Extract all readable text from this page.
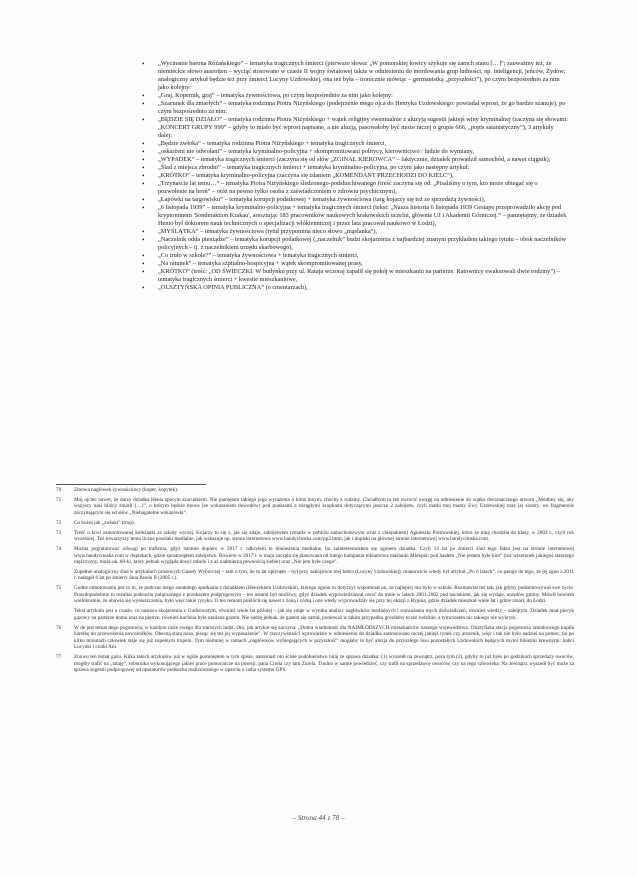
• „Wycinanie barona Różańskiego” – tematyka tragicznych śmierci (pierwsze słowa: „W pomorskiej łowicy szykuje się zamch stanu […]”; zauważmy też, że niemieckie słowo ausrotten – wyciąć stosowano w czasie II wojny światowej także w odniesieniu do mordowania grup ludności, np. inteligencji, jeńców, Żydów; analogiczny artykuł będzie też przy śmierci Lucyny Uzdowskiej, ona też była – ironicznie mówiąc – germanistką „przyszłości”), po czym bezpośrednio za nim jako kolejny:

• „Graj, Kopernik, graj” – tematyka żywnościowa, po czym bezpośrednio za nim jako kolejny:

• „Szacunek dla zmarłych” – tematyka rodzinna Piotra Niżyńskiego (podejrzenie mego ojca do Henryka Uzdowskiego: powiadał wprost, że go bardzo szanuje), po czym bezpośrednio za nim:

• „BĘDZIE SIĘ DZIAŁO” – tematyka rodzinna Piotra Niżyńskiego + wątek religijny ewentualnie z aluzyją sugestii jakiejś winy kryminalnej (zaczyna się słowami: „KONCERT GRUPY 999” – gdyby to miało być wprost napisane, a nie aluzją, pasowałoby być może raczej o grupie 666, „popis satanistyczny”), 3 artykuły dalej:

• „Będzie zwłoka” – tematyka rodzinna Piotra Niżyńskiego + tematyka tragicznych śmierci,

• „oskarżeni nie odwołani” – tematyka kryminalno-policyjna + skompromitowani politycy, kierownictwo / ludzie do wymiany,

• „WYPADEK” – tematyka tragicznych śmierci (zaczyna się od słów „ZGINAŁ KIEROWCA” – faktycznie, dziadek prowadził samochód, a nawet ciągnik),

• „Ślad z miejsca zbrodni” – tematyka tragicznych śmierci + tematyka kryminalno-policyjna, po czym jako następny artykuł:

• „KRÓTKO” – tematyka kryminalno-policyjna (zaczyna się zdaniem „KOMENDANT PRZECHODZI DO KIELC”),

• „Trzynaście lat temu…” – tematyka Piotra Niżyńskiego śledzonego-podshuchiwanego (treść zaczyna się od: „Pisaliśmy o tym, kto może ubiegać się o pozwolenie na broń” – otóż na pewno tylko osoba z zaświadczeniem o zdrowiu psychicznym),

• „Łapówki na targowisku” – tematyka korupcji podatkowej + tematyka żywnościowa (targ kojarzy się też ze sprzedażą żywności),

• „6 listopada 1939” – tematyka kryminalno-policyjna + tematyka tragicznych śmierci (tekst: „Nasza historia 6 listopada 1939 Gestapo przeprowadziło akcję pod kryptonimem 'Sonderaktion Krakau', aresztując 183 pracowników naukowych krakowskich uczelni, głównie UJ i Akademii Górniczej.” – pamiętajmy, że dziadek Henio był doktorem nauk technicznych o specjalizacji włókienniczej i przez lata pracował naukowo w Łodzi),

• „MYŚLĄTKA” – tematyka żywnościowa (tytuł przypomina nieco słowo „mąslanka”),

• „Naczelnik odda pieniądze” – tematyka korupcji podatkowej („naczelnik” budzi skojarzenia z najbardziej znanym przykładem takiego tytułu – obok naczelników policyjnych – tj. z naczelnikiem urzędu skarbowego),

• „Co truło w szkole?” – tematyka żywnościowa + tematyka tragicznych śmierci,

• „Na ratunek” – tematyka szpitalno-hospicyjna + wątek skompromitowanej prasy,

• „KRÓTKO” (treść: „OD ŚWIECZKI. W budynku przy ul. Rataja wczoraj zapalił się pokój w mieszkaniu na parterze. Ratownicy ewakuowali dwie rodziny”) – tematyka tragicznych śmierci + kwestie mieszkaniowe,

• „OLSZTYŃSKA OPINIA PUBLICZNA” (o cmentarzach),

70	Zmowa nagłówek żywnościowy (koper, kopytek).
71	Mój ojciec nawet, że darzy dziadka Henia sporym szacunkiem. Nie pamiętam takiego jego wyrażenia o kimś innym, chocby z rodziny. Chciałbym tu też zwrócić uwagę na odniesienie do wątku dwoznacznego utworu „Módlmy się, aby wszyscy nasi bliźcy zmarli (…)”, o którym będzie mowa (ze wskazaniem dowodów) pod punktami z okrągłymi kropkami dotyczącymi jeszcze 2 zabójstw, czyli matki mej mamy Ewy Uzdowskiej oraz jej siostry, we fragmencie zaczynającym się od słów „Niebagatelne wskazówki”.
72	Co bożni jak „zwłoki” (trup).
73	Treść o krwi zamordowanej koleżanki ze szkoły wyrzej. Kojarzy to się z, jak się zdaje, zabójstwem (zmarła w pobliżu samochodowym wraz z chłopakiem) Agnieszki Piotrowskiej, która ze mną chodziła do klasy, w 2003 r., czyli rok wcześniej. Też towarzyszy temu liczne poszlaki medialne, jak wskazuje np. strona internetowa www.bandycituska.com/pp2.html, jak i dopiski na głównej stronie internetowej www.bandycituska.com.
74	Można pogratulować odwagi po trafienia, gdyż istotnie dopiero w 2017 r. odkryłem te doniesienia medialne, bo zainteresowałem się zgonem dziadka. Czyli 13 lat po śmierci ślad tego faktu jest na stronie internetowej www.bandycituska.com w dopiskach, gdzie spostrzegłem zabójstwo. Bowiem w 2017 r. w maju zaczęła się planowana od lutego kampania reklamowa maślanki Mlekpol: pod hasłem „Nie jestem byłe kim” (tuż wizerunek jakiegoś starszego mężczyzny, może ok. 60-ki, który jednak wygląda dosyć młodo i z aż nadmierną pewnością siebie) oraz „Nie jem byłe czego”.
Zupełnie analogiczny ślad w artykułach prasowych Gazety Wyborczej – tam o tym, ile to lat upłynęło – był przy zabójstwie mej babci (Lucyny Uzdowskiej), mianowicie wtedy był artykuł „Po 6 latach”, co pasuje do tego, że jej zgon z 2011 r. nastąpił 6 lat po śmierci Jana Pawła II (2005 r.).
75	Godne odnotowania jest to tu, że podczas mego ostatniego spotkania z dziadkiem (Henrykiem Uzdowskim, którego zgonu to dotyczy) wspominał on, że najlepiej mu było w szkole. Rozmawiał też tak, jak gdyby podsumowywał swe życie. Prawdopodobnie to rezultat podsuchu połączonego z przekazem podprogowym – ten ustami był mużliwy, gdyż dziadek wypowiedziawał owoć do mnie w latach 2001-2002 pod naciskiem, jak się wydaje, urzędów gminy. Mówił bowiem wielokrotnie, że obawia się wysłuszczenia, było więc takie ryzyko. O ten remont poklócił się nawet z żoną i córką i one wtedy wyprowadziły się przy tej okazji z Bypina, gdzie dziadek mieszkał wiele lat i gdzie zmarł, do Łodzi.
Tekst artykułu jest o czasie, co nasuwa skojarzenia z Gudzowatym, również wiele lat później – jak się zdaje w wyniku analizy nagłówków medialnych i rozważania mych doświadczeń, również wiedzy – zabójtym. Dziadek miał piecyk gazowy na parterze domu oraz na piętrze, również kuchnia była zasilana gazem. Nie sadzę jednak, że gazem się zatruł, ponieważ w takim przypadku groziłoby to też rodzinie, a tymczasem nic takiego nie wykryto.
76	W de jest temat dego pogotowia, w każdym razie zwego dla starszych ludzi. Oto, jak artykuł się zaczyna: „Dobra wiadomość dla NAJMŁODSZYCH mieszkańców naszego województwa. Olsztyfiska stacja pogotowia ratunkowego kupiła karetkę do przewożenia noworodków. Obecną stara nosa, pisząc się też jej wyposażenie”. W rzeczywistości wprowadzie w odniesieniu do dziadka zastosowano raczej jakiejś rynek czy arszenik, więc i tak nie było nadziei na pomoc, bo po kilku minutach człowiek staje się już zupełnym trupem. Tym niemniej w ramach „nagłówków wybiegających w przyszłość” mogłaby to być aluzja do przyszłego losu pozostałych Uzdowskich będących mymi bliskimi krewnymi: babci Lucynki i ciotki Ani.
77	Znowu ten temat gazu. Kilka takich artykułów już w ogóle pominiętem w tym spisie, natomiast oto ścisłe podobieństwo tutaj ze sprawa dziadka: (1) wyszedł na zewnątrz, poza tym (2), gdyby to już było po godzinach sprzedaży owoców, mogłby trafić na „tataję”, robotnika wykonującego jakieś prace pomocnicze na posesji, pana Cirela czy tam Zurela. Trudno w samie powiedzieć, czy trafił na sprzedawcę owoców, czy na tego człowieka. Na zewnątrz wyszedł być może za sprawa sugestii podprogowej od operatorów podsuchu realizowanego w oparciu o radia systemu GPS.
– Strona 44 z 78 –
